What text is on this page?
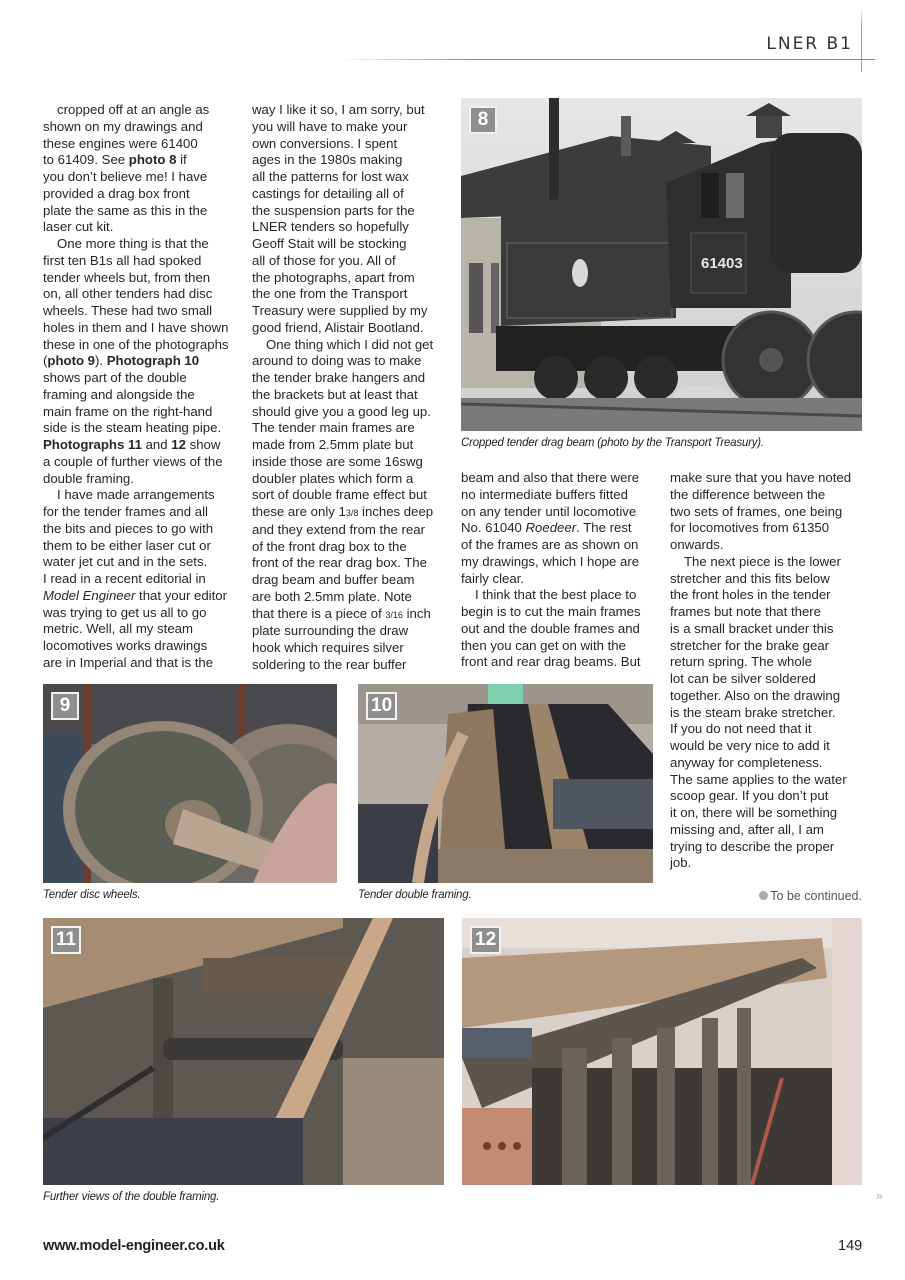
LNER B1
cropped off at an angle as
shown on my drawings and
these engines were 61400
to 61409. See photo 8 if
you don’t believe me! I have
provided a drag box front
plate the same as this in the
laser cut kit.
One more thing is that the
first ten B1s all had spoked
tender wheels but, from then
on, all other tenders had disc
wheels. These had two small
holes in them and I have shown
these in one of the photographs
(photo 9). Photograph 10
shows part of the double
framing and alongside the
main frame on the right-hand
side is the steam heating pipe.
Photographs 11 and 12 show
a couple of further views of the
double framing.
I have made arrangements
for the tender frames and all
the bits and pieces to go with
them to be either laser cut or
water jet cut and in the sets.
I read in a recent editorial in
Model Engineer that your editor
was trying to get us all to go
metric. Well, all my steam
locomotives works drawings
are in Imperial and that is the
way I like it so, I am sorry, but
you will have to make your
own conversions. I spent
ages in the 1980s making
all the patterns for lost wax
castings for detailing all of
the suspension parts for the
LNER tenders so hopefully
Geoff Stait will be stocking
all of those for you. All of
the photographs, apart from
the one from the Transport
Treasury were supplied by my
good friend, Alistair Bootland.
One thing which I did not get
around to doing was to make
the tender brake hangers and
the brackets but at least that
should give you a good leg up.
The tender main frames are
made from 2.5mm plate but
inside those are some 16swg
doubler plates which form a
sort of double frame effect but
these are only 13/8 inches deep
and they extend from the rear
of the front drag box to the
front of the rear drag box. The
drag beam and buffer beam
are both 2.5mm plate. Note
that there is a piece of 3/16 inch
plate surrounding the draw
hook which requires silver
soldering to the rear buffer
beam and also that there were
no intermediate buffers fitted
on any tender until locomotive
No. 61040 Roedeer. The rest
of the frames are as shown on
my drawings, which I hope are
fairly clear.
I think that the best place to
begin is to cut the main frames
out and the double frames and
then you can get on with the
front and rear drag beams. But
make sure that you have noted
the difference between the
two sets of frames, one being
for locomotives from 61350
onwards.
The next piece is the lower
stretcher and this fits below
the front holes in the tender
frames but note that there
is a small bracket under this
stretcher for the brake gear
return spring. The whole
lot can be silver soldered
together. Also on the drawing
is the steam brake stretcher.
If you do not need that it
would be very nice to add it
anyway for completeness.
The same applies to the water
scoop gear. If you don’t put
it on, there will be something
missing and, after all, I am
trying to describe the proper
job.
61403
8
Cropped tender drag beam (photo by the Transport Treasury).
9
Tender disc wheels.
10
Tender double framing.	To be continued.
11	12
Further views of the double framing.	»
www.model-engineer.co.uk	149
